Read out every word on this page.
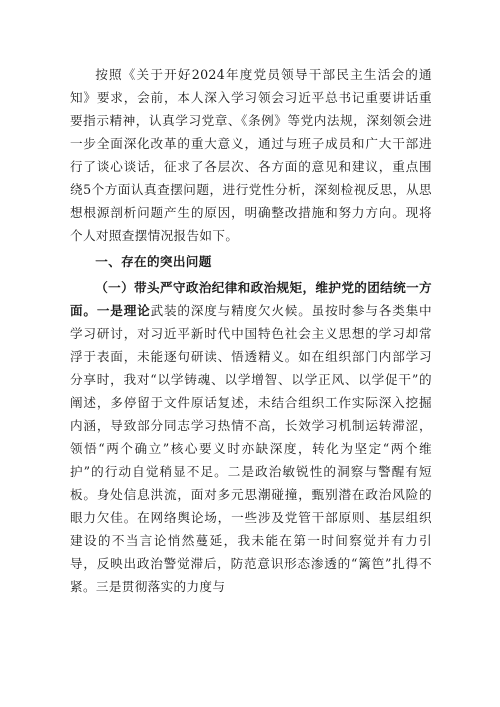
按照《关于开好2024年度党员领导干部民主生活会的通知》要求，会前，本人深入学习领会习近平总书记重要讲话重要指示精神，认真学习党章、《条例》等党内法规，深刻领会进一步全面深化改革的重大意义，通过与班子成员和广大干部进行了谈心谈话，征求了各层次、各方面的意见和建议，重点围绕5个方面认真查摆问题，进行党性分析，深刻检视反思，从思想根源剖析问题产生的原因，明确整改措施和努力方向。现将个人对照查摆情况报告如下。

一、存在的突出问题

（一）带头严守政治纪律和政治规矩，维护党的团结统一方面。一是理论武装的深度与精度欠火候。虽按时参与各类集中学习研讨，对习近平新时代中国特色社会主义思想的学习却常浮于表面，未能逐句研读、悟透精义。如在组织部门内部学习分享时，我对“以学铸魂、以学增智、以学正风、以学促干”的阐述，多停留于文件原话复述，未结合组织工作实际深入挖掘内涵，导致部分同志学习热情不高，长效学习机制运转滞涩，领悟“两个确立”核心要义时亦缺深度，转化为坚定“两个维护”的行动自觉稍显不足。二是政治敏锐性的洞察与警醒有短板。身处信息洪流，面对多元思潮碰撞，甄别潜在政治风险的眼力欠佳。在网络舆论场，一些涉及党管干部原则、基层组织建设的不当言论悄然蔓延，我未能在第一时间察觉并有力引导，反映出政治警觉滞后，防范意识形态渗透的“篱笆”扎得不紧。三是贯彻落实的力度与
